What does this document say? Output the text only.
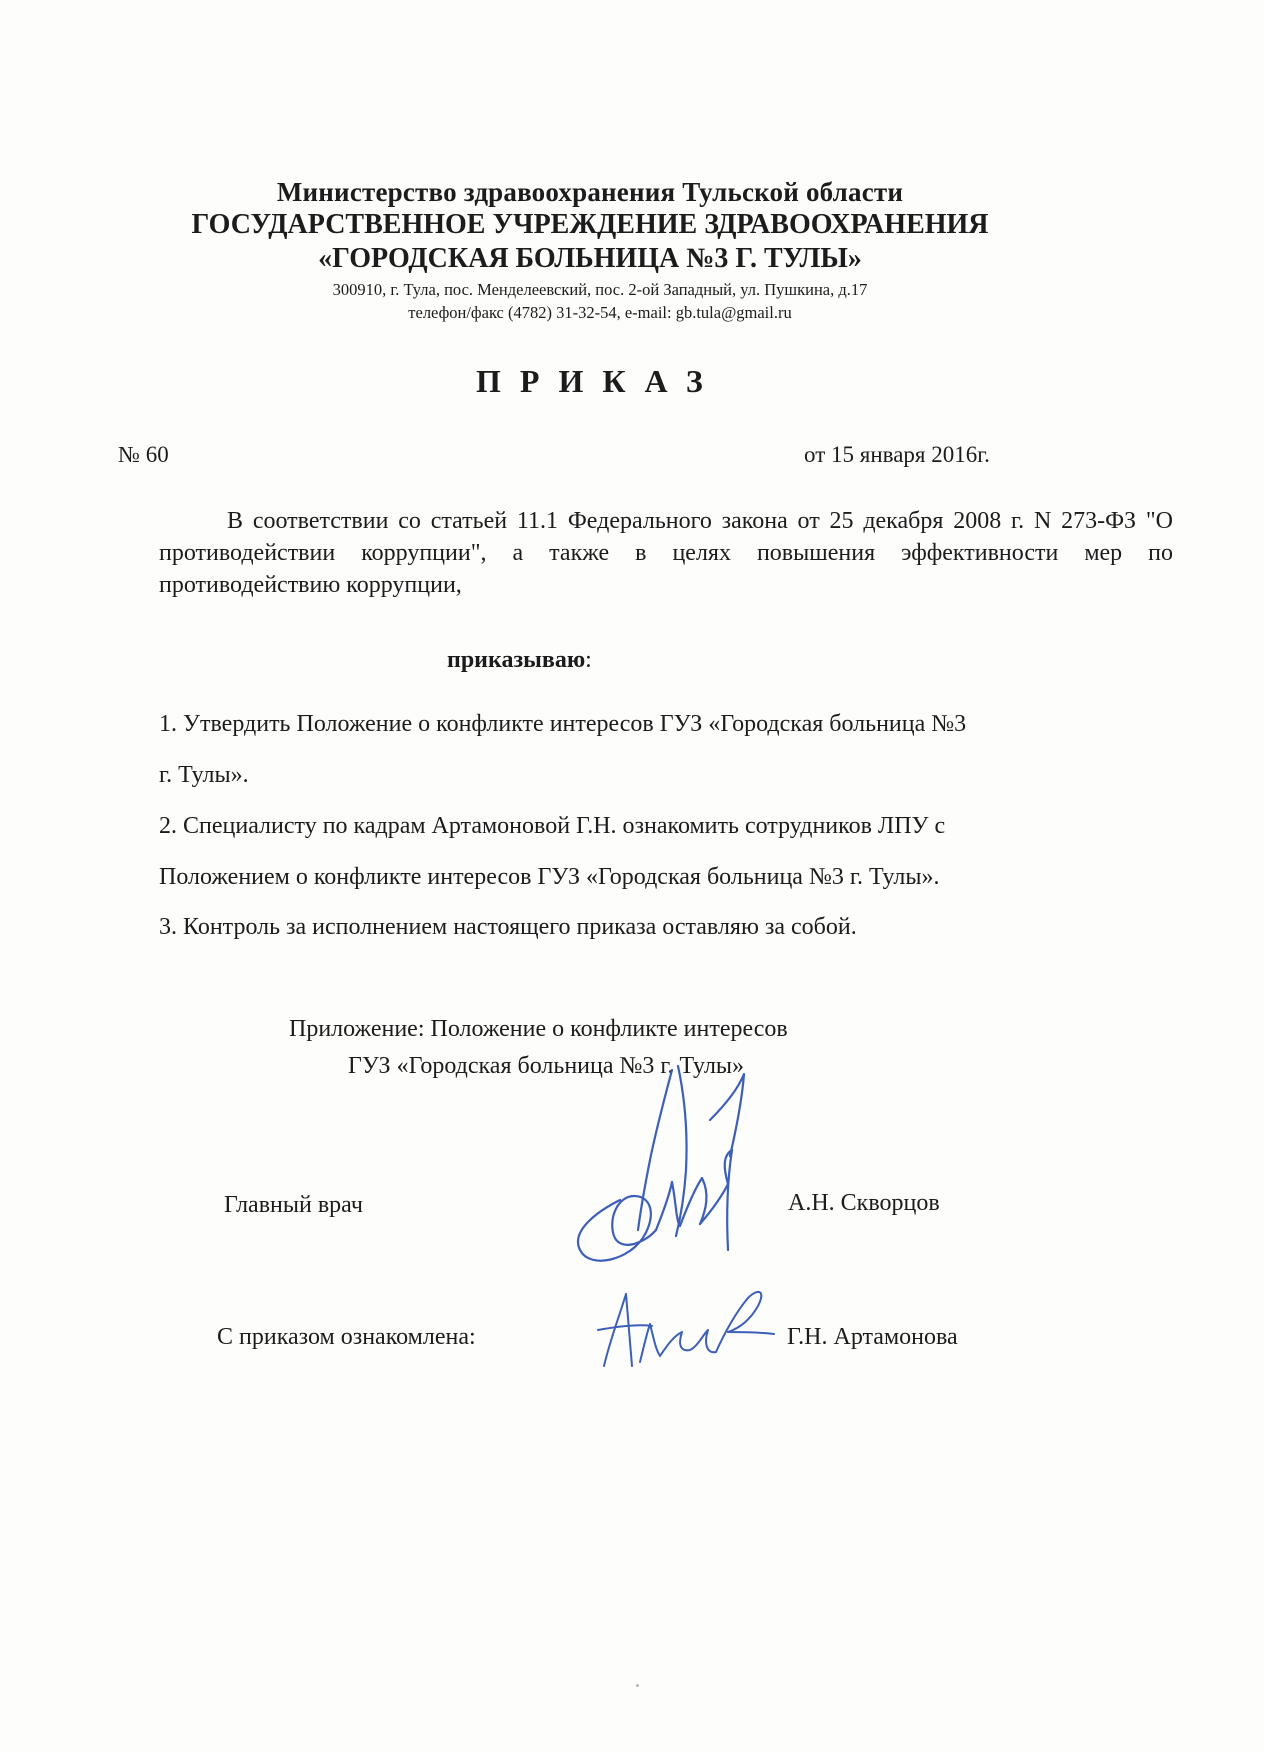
Министерство здравоохранения Тульской области
ГОСУДАРСТВЕННОЕ УЧРЕЖДЕНИЕ ЗДРАВООХРАНЕНИЯ
«ГОРОДСКАЯ БОЛЬНИЦА №3 Г. ТУЛЫ»
300910, г. Тула, пос. Менделеевский, пос. 2-ой Западный, ул. Пушкина, д.17
телефон/факс (4782) 31-32-54, e-mail: gb.tula@gmail.ru
ПРИКАЗ
№ 60	от 15 января 2016г.

В соответствии со статьей 11.1 Федерального закона от 25 декабря 2008 г. N 273-ФЗ "О противодействии коррупции", а также в целях повышения эффективности мер по противодействию коррупции,

приказываю:
1. Утвердить Положение о конфликте интересов ГУЗ «Городская больница №3
г. Тулы».
2. Специалисту по кадрам Артамоновой Г.Н. ознакомить сотрудников ЛПУ с
Положением о конфликте интересов ГУЗ «Городская больница №3 г. Тулы».
3. Контроль за исполнением настоящего приказа оставляю за собой.
Приложение: Положение о конфликте интересов
ГУЗ «Городская больница №3 г. Тулы»
Главный врач	А.Н. Скворцов
С приказом ознакомлена:	Г.Н. Артамонова
